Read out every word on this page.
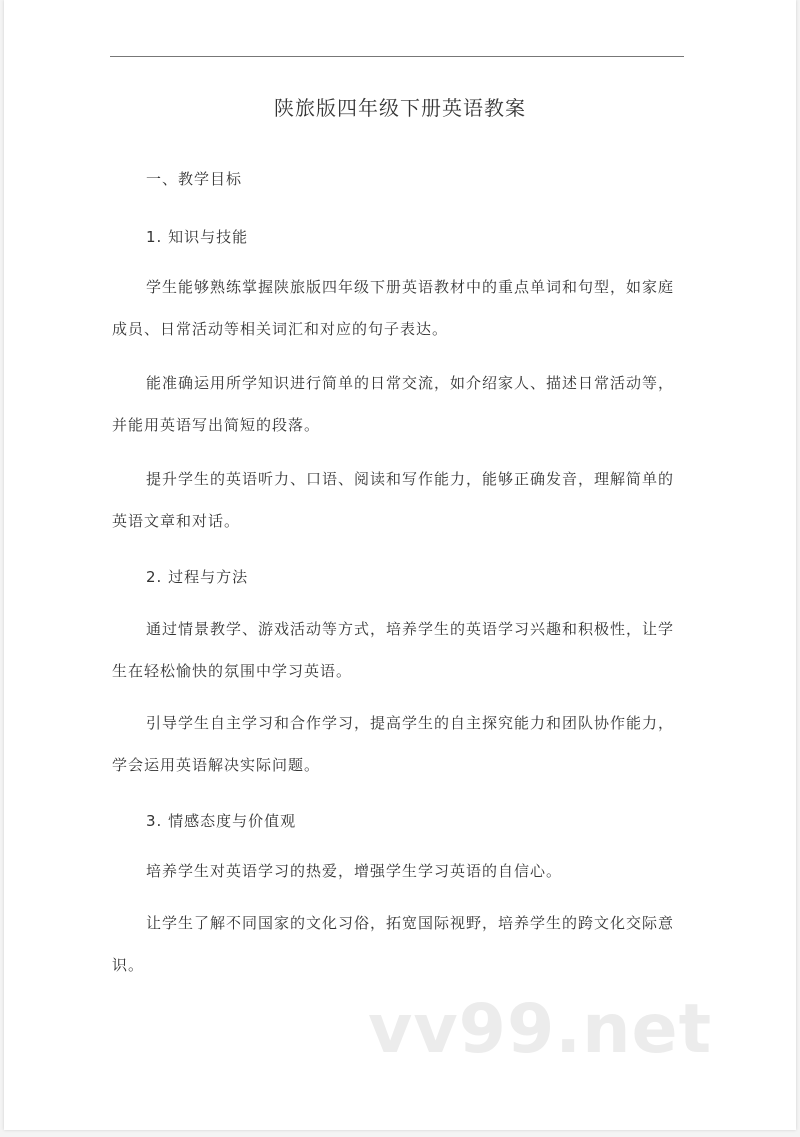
陕旅版四年级下册英语教案
一、教学目标
1. 知识与技能
学生能够熟练掌握陕旅版四年级下册英语教材中的重点单词和句型，如家庭
成员、日常活动等相关词汇和对应的句子表达。
能准确运用所学知识进行简单的日常交流，如介绍家人、描述日常活动等，
并能用英语写出简短的段落。
提升学生的英语听力、口语、阅读和写作能力，能够正确发音，理解简单的
英语文章和对话。
2. 过程与方法
通过情景教学、游戏活动等方式，培养学生的英语学习兴趣和积极性，让学
生在轻松愉快的氛围中学习英语。
引导学生自主学习和合作学习，提高学生的自主探究能力和团队协作能力，
学会运用英语解决实际问题。
3. 情感态度与价值观
培养学生对英语学习的热爱，增强学生学习英语的自信心。
让学生了解不同国家的文化习俗，拓宽国际视野，培养学生的跨文化交际意
识。
vv99.net
